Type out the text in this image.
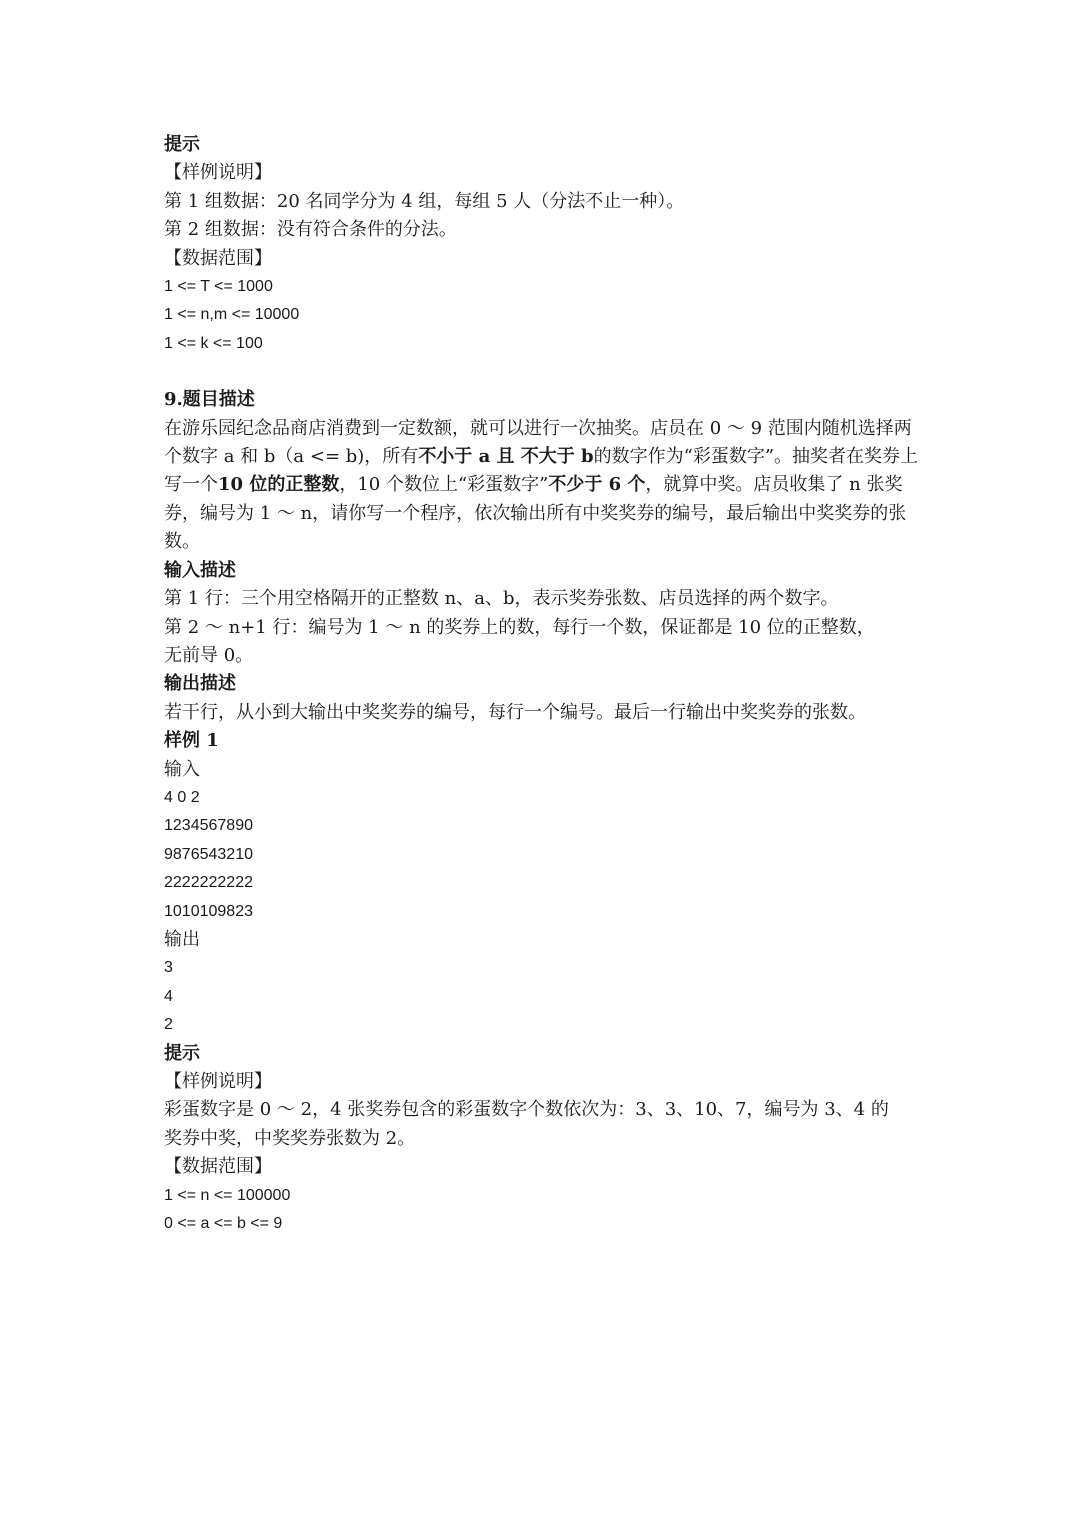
提示
【样例说明】
第 1 组数据：20 名同学分为 4 组，每组 5 人（分法不止一种）。
第 2 组数据：没有符合条件的分法。
【数据范围】
1 <= T <= 1000
1 <= n,m <= 10000
1 <= k <= 100
9.题目描述
在游乐园纪念品商店消费到一定数额，就可以进行一次抽奖。店员在 0 ～ 9 范围内随机选择两个数字 a 和 b（a <= b)，所有不小于 a 且 不大于 b的数字作为“彩蛋数字”。抽奖者在奖券上写一个10 位的正整数，10 个数位上“彩蛋数字”不少于 6 个，就算中奖。店员收集了 n 张奖券，编号为 1 ～ n，请你写一个程序，依次输出所有中奖奖券的编号，最后输出中奖奖券的张数。
输入描述
第 1 行：三个用空格隔开的正整数 n、a、b，表示奖券张数、店员选择的两个数字。
第 2 ～ n+1 行：编号为 1 ～ n 的奖券上的数，每行一个数，保证都是 10 位的正整数，
无前导 0。
输出描述
若干行，从小到大输出中奖奖券的编号，每行一个编号。最后一行输出中奖奖券的张数。
样例 1
输入
4 0 2
1234567890
9876543210
2222222222
1010109823
输出
3
4
2
提示
【样例说明】
彩蛋数字是 0 ～ 2，4 张奖券包含的彩蛋数字个数依次为：3、3、10、7，编号为 3、4 的
奖券中奖，中奖奖券张数为 2。
【数据范围】
1 <= n <= 100000
0 <= a <= b <= 9
